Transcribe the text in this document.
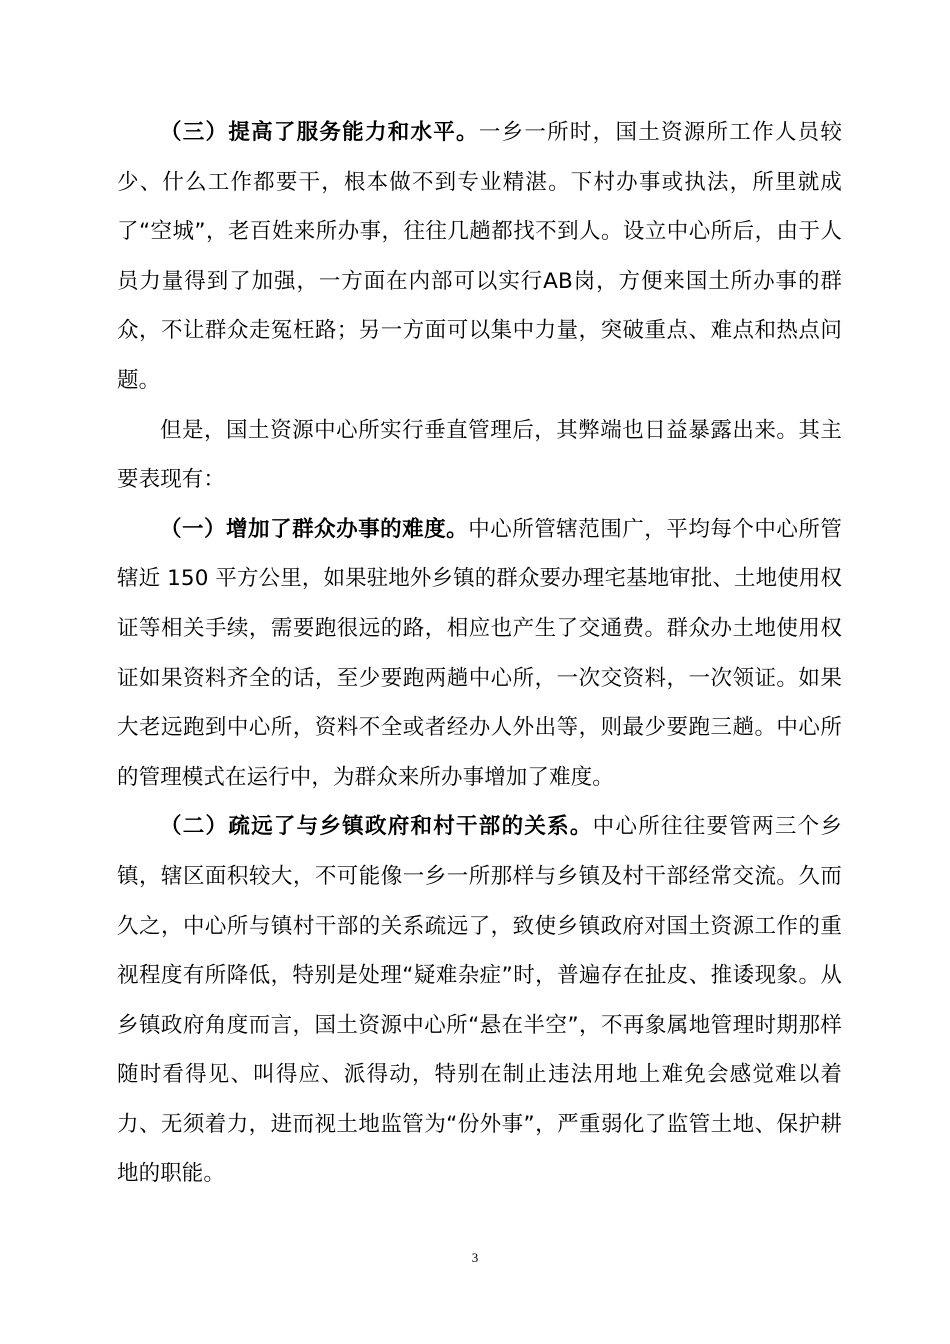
（三）提高了服务能力和水平。一乡一所时，国土资源所工作人员较少、什么工作都要干，根本做不到专业精湛。下村办事或执法，所里就成了“空城”，老百姓来所办事，往往几趟都找不到人。设立中心所后，由于人员力量得到了加强，一方面在内部可以实行AB岗，方便来国土所办事的群众，不让群众走冤枉路；另一方面可以集中力量，突破重点、难点和热点问题。

但是，国土资源中心所实行垂直管理后，其弊端也日益暴露出来。其主要表现有：

（一）增加了群众办事的难度。中心所管辖范围广，平均每个中心所管辖近 150 平方公里，如果驻地外乡镇的群众要办理宅基地审批、土地使用权证等相关手续，需要跑很远的路，相应也产生了交通费。群众办土地使用权证如果资料齐全的话，至少要跑两趟中心所，一次交资料，一次领证。如果大老远跑到中心所，资料不全或者经办人外出等，则最少要跑三趟。中心所的管理模式在运行中，为群众来所办事增加了难度。

（二）疏远了与乡镇政府和村干部的关系。中心所往往要管两三个乡镇，辖区面积较大，不可能像一乡一所那样与乡镇及村干部经常交流。久而久之，中心所与镇村干部的关系疏远了，致使乡镇政府对国土资源工作的重视程度有所降低，特别是处理“疑难杂症”时，普遍存在扯皮、推诿现象。从乡镇政府角度而言，国土资源中心所“悬在半空”，不再象属地管理时期那样随时看得见、叫得应、派得动，特别在制止违法用地上难免会感觉难以着力、无须着力，进而视土地监管为“份外事”，严重弱化了监管土地、保护耕地的职能。

3
